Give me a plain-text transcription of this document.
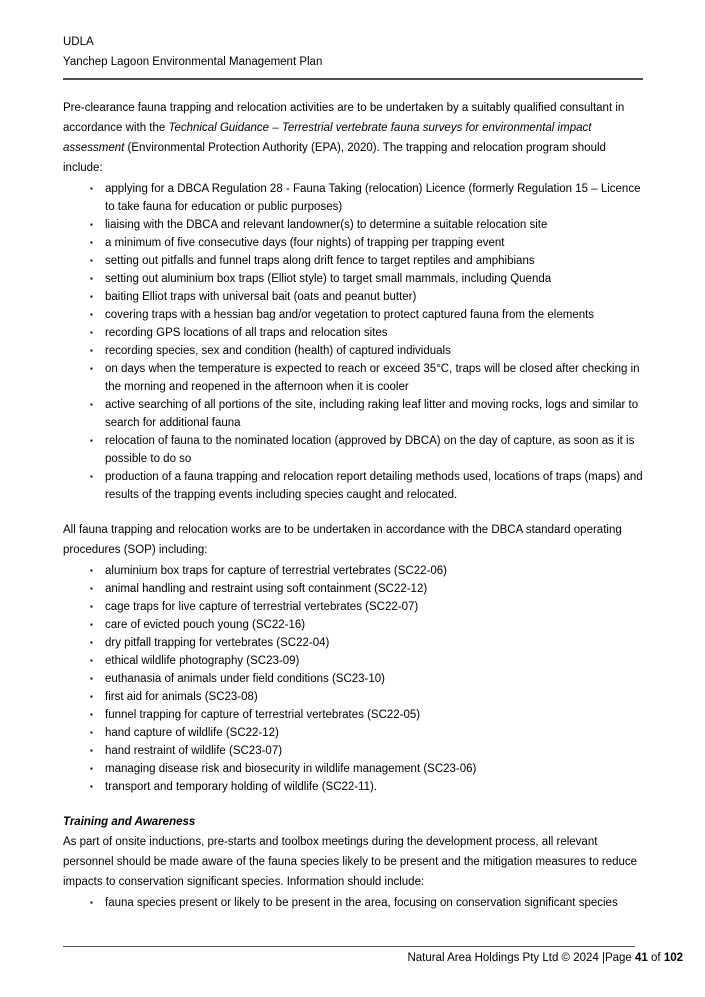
UDLA
Yanchep Lagoon Environmental Management Plan

Pre-clearance fauna trapping and relocation activities are to be undertaken by a suitably qualified consultant in accordance with the Technical Guidance – Terrestrial vertebrate fauna surveys for environmental impact assessment (Environmental Protection Authority (EPA), 2020). The trapping and relocation program should include:

▪	applying for a DBCA Regulation 28 - Fauna Taking (relocation) Licence (formerly Regulation 15 – Licence to take fauna for education or public purposes)
▪	liaising with the DBCA and relevant landowner(s) to determine a suitable relocation site
▪	a minimum of five consecutive days (four nights) of trapping per trapping event
▪	setting out pitfalls and funnel traps along drift fence to target reptiles and amphibians
▪	setting out aluminium box traps (Elliot style) to target small mammals, including Quenda
▪	baiting Elliot traps with universal bait (oats and peanut butter)
▪	covering traps with a hessian bag and/or vegetation to protect captured fauna from the elements
▪	recording GPS locations of all traps and relocation sites
▪	recording species, sex and condition (health) of captured individuals
▪	on days when the temperature is expected to reach or exceed 35°C, traps will be closed after checking in the morning and reopened in the afternoon when it is cooler
▪	active searching of all portions of the site, including raking leaf litter and moving rocks, logs and similar to search for additional fauna
▪	relocation of fauna to the nominated location (approved by DBCA) on the day of capture, as soon as it is possible to do so
▪	production of a fauna trapping and relocation report detailing methods used, locations of traps (maps) and results of the trapping events including species caught and relocated.

All fauna trapping and relocation works are to be undertaken in accordance with the DBCA standard operating procedures (SOP) including:

▪	aluminium box traps for capture of terrestrial vertebrates (SC22-06)
▪	animal handling and restraint using soft containment (SC22-12)
▪	cage traps for live capture of terrestrial vertebrates (SC22-07)
▪	care of evicted pouch young (SC22-16)
▪	dry pitfall trapping for vertebrates (SC22-04)
▪	ethical wildlife photography (SC23-09)
▪	euthanasia of animals under field conditions (SC23-10)
▪	first aid for animals (SC23-08)
▪	funnel trapping for capture of terrestrial vertebrates (SC22-05)
▪	hand capture of wildlife (SC22-12)
▪	hand restraint of wildlife (SC23-07)
▪	managing disease risk and biosecurity in wildlife management (SC23-06)
▪	transport and temporary holding of wildlife (SC22-11).
Training and Awareness

As part of onsite inductions, pre-starts and toolbox meetings during the development process, all relevant personnel should be made aware of the fauna species likely to be present and the mitigation measures to reduce impacts to conservation significant species. Information should include:

▪	fauna species present or likely to be present in the area, focusing on conservation significant species
Natural Area Holdings Pty Ltd © 2024 |Page 41 of 102
